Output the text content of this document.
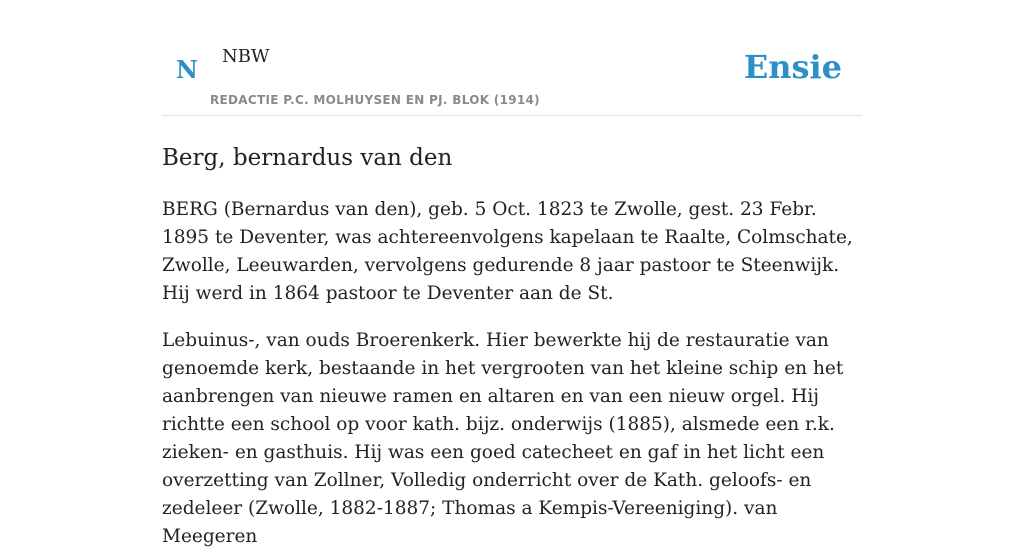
N NBW
REDACTIE P.C. MOLHUYSEN EN PJ. BLOK (1914)
Ensie
Berg, bernardus van den

BERG (Bernardus van den), geb. 5 Oct. 1823 te Zwolle, gest. 23 Febr. 1895 te Deventer, was achtereenvolgens kapelaan te Raalte, Colmschate, Zwolle, Leeuwarden, vervolgens gedurende 8 jaar pastoor te Steenwijk. Hij werd in 1864 pastoor te Deventer aan de St.

Lebuinus-, van ouds Broerenkerk. Hier bewerkte hij de restauratie van genoemde kerk, bestaande in het vergrooten van het kleine schip en het aanbrengen van nieuwe ramen en altaren en van een nieuw orgel. Hij richtte een school op voor kath. bijz. onderwijs (1885), alsmede een r.k. zieken- en gasthuis. Hij was een goed catecheet en gaf in het licht een overzetting van Zollner, Volledig onderricht over de Kath. geloofs- en zedeleer (Zwolle, 1882-1887; Thomas a Kempis-Vereeniging). van Meegeren
